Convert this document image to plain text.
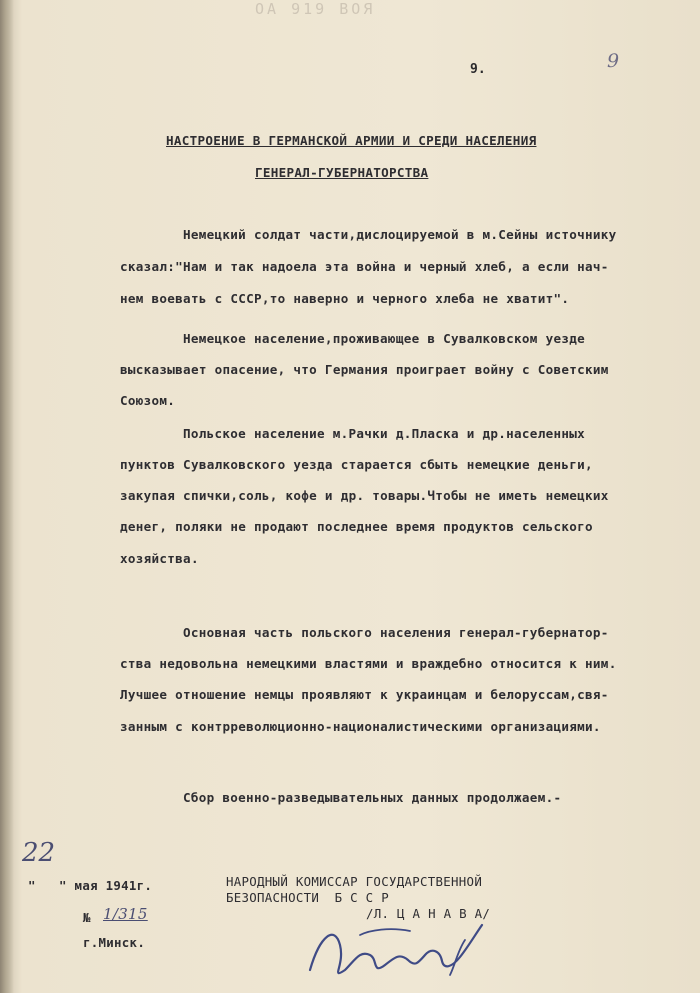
ОА 919 ВОЯ
9.	9
НАСТРОЕНИЕ В ГЕРМАНСКОЙ АРМИИ И СРЕДИ НАСЕЛЕНИЯ
ГЕНЕРАЛ-ГУБЕРНАТОРСТВА
Немецкий солдат части,дислоцируемой в м.Сейны источнику
сказал:"Нам и так надоела эта война и черный хлеб, а если нач-
нем воевать с СССР,то наверно и черного хлеба не хватит".
Немецкое население,проживающее в Сувалковском уезде
высказывает опасение, что Германия проиграет войну с Советским
Союзом.
Польское население м.Рачки д.Плаcка и др.населенных
пунктов Сувалковского уезда старается сбыть немецкие деньги,
закупая спички,соль, кофе и др. товары.Чтобы не иметь немецких
денег, поляки не продают последнее время продуктов сельского
хозяйства.
Основная часть польского населения генерал-губернатор-
ства недовольна немецкими властями и враждебно относится к ним.
Лучшее отношение немцы проявляют к украинцам и белоруссам,свя-
занным с контрреволюционно-националистическими организациями.
Сбор военно-разведывательных данных продолжаем.-
22
"   " мая 1941г.
№ 1/315
г.Минск.
НАРОДНЫЙ КОМИССАР ГОСУДАРСТВЕННОЙ
БЕЗОПАСНОСТИ  Б С С Р
/Л. Ц А Н А В А/
